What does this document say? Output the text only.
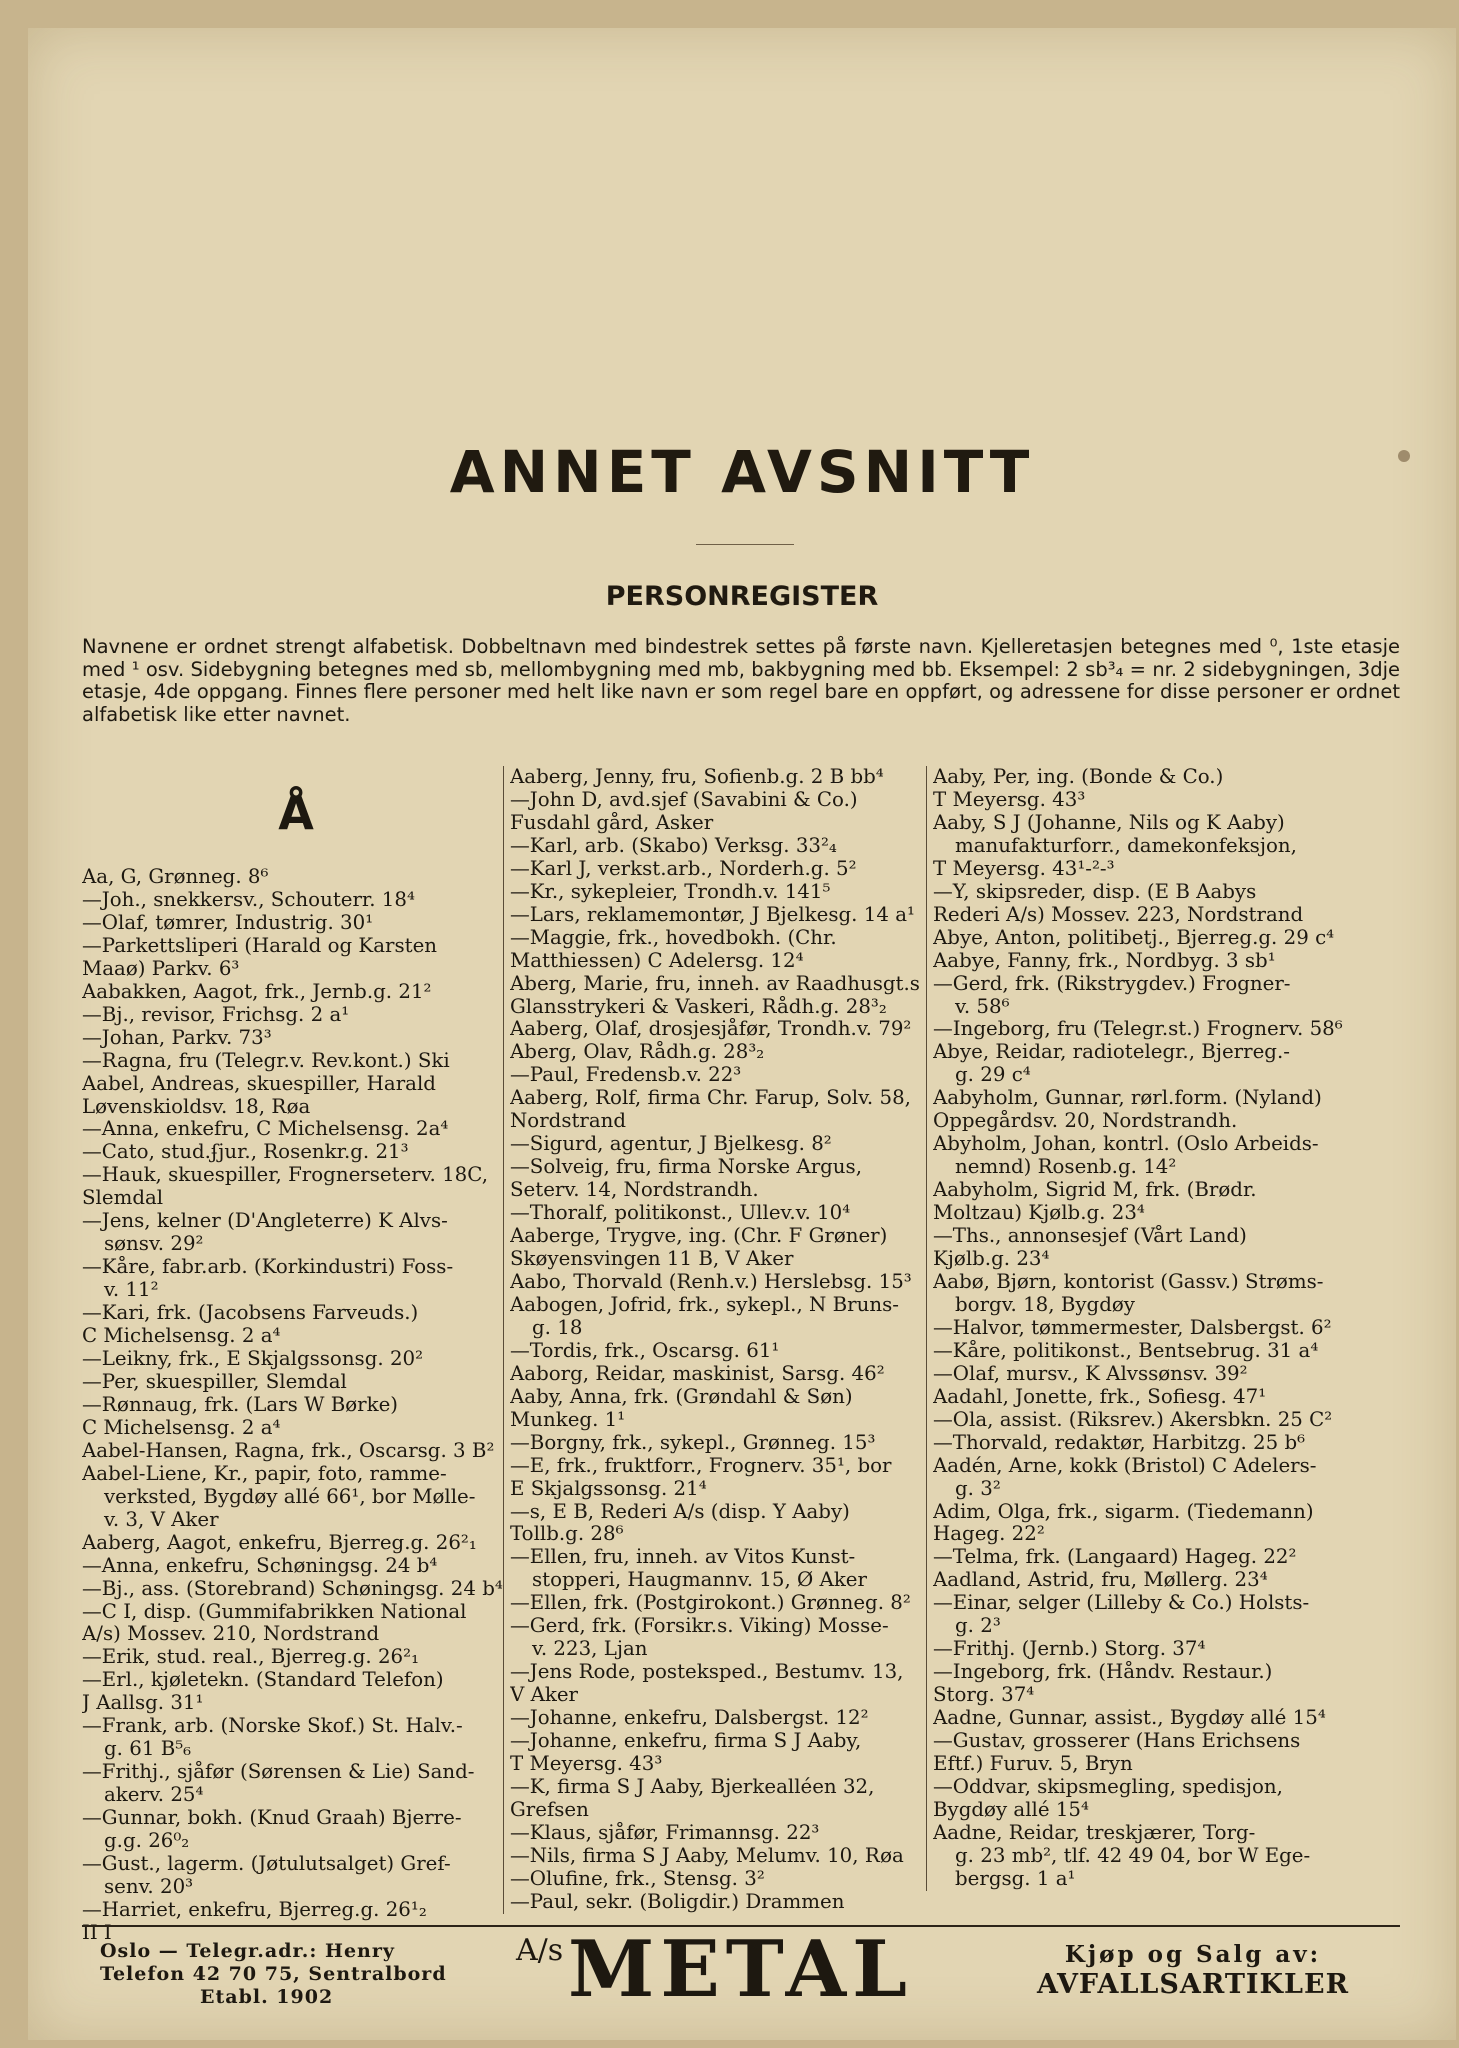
ANNET AVSNITT
PERSONREGISTER
Navnene er ordnet strengt alfabetisk. Dobbeltnavn med bindestrek settes på første navn. Kjelleretasjen betegnes med ⁰, 1ste etasje med ¹ osv. Sidebygning betegnes med sb, mellombygning med mb, bakbygning med bb. Eksempel: 2 sb³₄ = nr. 2 sidebygningen, 3dje etasje, 4de oppgang. Finnes flere personer med helt like navn er som regel bare en oppført, og adressene for disse personer er ordnet alfabetisk like etter navnet.
Å
Aa, G, Grønneg. 8⁶
—Joh., snekkersv., Schouterr. 18⁴
—Olaf, tømrer, Industrig. 30¹
—Parkettsliperi (Harald og Karsten
Maaø) Parkv. 6³
Aabakken, Aagot, frk., Jernb.g. 21²
—Bj., revisor, Frichsg. 2 a¹
—Johan, Parkv. 73³
—Ragna, fru (Telegr.v. Rev.kont.) Ski
Aabel, Andreas, skuespiller, Harald
Løvenskioldsv. 18, Røa
—Anna, enkefru, C Michelsensg. 2a⁴
—Cato, stud.ʄjur., Rosenkr.g. 21³
—Hauk, skuespiller, Frognerseterv. 18C,
Slemdal
—Jens, kelner (D'Angleterre) K Alvs-
sønsv. 29²
—Kåre, fabr.arb. (Korkindustri) Foss-
v. 11²
—Kari, frk. (Jacobsens Farveuds.)
C Michelsensg. 2 a⁴
—Leikny, frk., E Skjalgssonsg. 20²
—Per, skuespiller, Slemdal
—Rønnaug, frk. (Lars W Børke)
C Michelsensg. 2 a⁴
Aabel-Hansen, Ragna, frk., Oscarsg. 3 B²
Aabel-Liene, Kr., papir, foto, ramme-
verksted, Bygdøy allé 66¹, bor Mølle-
v. 3, V Aker
Aaberg, Aagot, enkefru, Bjerreg.g. 26²₁
—Anna, enkefru, Schøningsg. 24 b⁴
—Bj., ass. (Storebrand) Schøningsg. 24 b⁴
—C I, disp. (Gummifabrikken National
A/s) Mossev. 210, Nordstrand
—Erik, stud. real., Bjerreg.g. 26²₁
—Erl., kjøletekn. (Standard Telefon)
J Aallsg. 31¹
—Frank, arb. (Norske Skof.) St. Halv.-
g. 61 B⁵₆
—Frithj., sjåfør (Sørensen & Lie) Sand-
akerv. 25⁴
—Gunnar, bokh. (Knud Graah) Bjerre-
g.g. 26⁰₂
—Gust., lagerm. (Jøtulutsalget) Gref-
senv. 20³
—Harriet, enkefru, Bjerreg.g. 26¹₂
II I
Aaberg, Jenny, fru, Sofienb.g. 2 B bb⁴
—John D, avd.sjef (Savabini & Co.)
Fusdahl gård, Asker
—Karl, arb. (Skabo) Verksg. 33²₄
—Karl J, verkst.arb., Norderh.g. 5²
—Kr., sykepleier, Trondh.v. 141⁵
—Lars, reklamemontør, J Bjelkesg. 14 a¹
—Maggie, frk., hovedbokh. (Chr.
Matthiessen) C Adelersg. 12⁴
Aberg, Marie, fru, inneh. av Raadhusgt.s
Glansstrykeri & Vaskeri, Rådh.g. 28³₂
Aaberg, Olaf, drosjesjåfør, Trondh.v. 79²
Aberg, Olav, Rådh.g. 28³₂
—Paul, Fredensb.v. 22³
Aaberg, Rolf, firma Chr. Farup, Solv. 58,
Nordstrand
—Sigurd, agentur, J Bjelkesg. 8²
—Solveig, fru, firma Norske Argus,
Seterv. 14, Nordstrandh.
—Thoralf, politikonst., Ullev.v. 10⁴
Aaberge, Trygve, ing. (Chr. F Grøner)
Skøyensvingen 11 B, V Aker
Aabo, Thorvald (Renh.v.) Herslebsg. 15³
Aabogen, Jofrid, frk., sykepl., N Bruns-
g. 18
—Tordis, frk., Oscarsg. 61¹
Aaborg, Reidar, maskinist, Sarsg. 46²
Aaby, Anna, frk. (Grøndahl & Søn)
Munkeg. 1¹
—Borgny, frk., sykepl., Grønneg. 15³
—E, frk., fruktforr., Frognerv. 35¹, bor
E Skjalgssonsg. 21⁴
—s, E B, Rederi A/s (disp. Y Aaby)
Tollb.g. 28⁶
—Ellen, fru, inneh. av Vitos Kunst-
stopperi, Haugmannv. 15, Ø Aker
—Ellen, frk. (Postgirokont.) Grønneg. 8²
—Gerd, frk. (Forsikr.s. Viking) Mosse-
v. 223, Ljan
—Jens Rode, posteksped., Bestumv. 13,
V Aker
—Johanne, enkefru, Dalsbergst. 12²
—Johanne, enkefru, firma S J Aaby,
T Meyersg. 43³
—K, firma S J Aaby, Bjerkealléen 32,
Grefsen
—Klaus, sjåfør, Frimannsg. 22³
—Nils, firma S J Aaby, Melumv. 10, Røa
—Olufine, frk., Stensg. 3²
—Paul, sekr. (Boligdir.) Drammen
Aaby, Per, ing. (Bonde & Co.)
T Meyersg. 43³
Aaby, S J (Johanne, Nils og K Aaby)
manufakturforr., damekonfeksjon,
T Meyersg. 43¹-²-³
—Y, skipsreder, disp. (E B Aabys
Rederi A/s) Mossev. 223, Nordstrand
Abye, Anton, politibetj., Bjerreg.g. 29 c⁴
Aabye, Fanny, frk., Nordbyg. 3 sb¹
—Gerd, frk. (Rikstrygdev.) Frogner-
v. 58⁶
—Ingeborg, fru (Telegr.st.) Frognerv. 58⁶
Abye, Reidar, radiotelegr., Bjerreg.-
g. 29 c⁴
Aabyholm, Gunnar, rørl.form. (Nyland)
Oppegårdsv. 20, Nordstrandh.
Abyholm, Johan, kontrl. (Oslo Arbeids-
nemnd) Rosenb.g. 14²
Aabyholm, Sigrid M, frk. (Brødr.
Moltzau) Kjølb.g. 23⁴
—Ths., annonsesjef (Vårt Land)
Kjølb.g. 23⁴
Aabø, Bjørn, kontorist (Gassv.) Strøms-
borgv. 18, Bygdøy
—Halvor, tømmermester, Dalsbergst. 6²
—Kåre, politikonst., Bentsebrug. 31 a⁴
—Olaf, mursv., K Alvssønsv. 39²
Aadahl, Jonette, frk., Sofiesg. 47¹
—Ola, assist. (Riksrev.) Akersbkn. 25 C²
—Thorvald, redaktør, Harbitzg. 25 b⁶
Aadén, Arne, kokk (Bristol) C Adelers-
g. 3²
Adim, Olga, frk., sigarm. (Tiedemann)
Hageg. 22²
—Telma, frk. (Langaard) Hageg. 22²
Aadland, Astrid, fru, Møllerg. 23⁴
—Einar, selger (Lilleby & Co.) Holsts-
g. 2³
—Frithj. (Jernb.) Storg. 37⁴
—Ingeborg, frk. (Håndv. Restaur.)
Storg. 37⁴
Aadne, Gunnar, assist., Bygdøy allé 15⁴
—Gustav, grosserer (Hans Erichsens
Eftf.) Furuv. 5, Bryn
—Oddvar, skipsmegling, spedisjon,
Bygdøy allé 15⁴
Aadne, Reidar, treskjærer, Torg-
g. 23 mb², tlf. 42 49 04, bor W Ege-
bergsg. 1 a¹
Oslo — Telegr.adr.: Henry
Telefon 42 70 75, Sentralbord
Etabl. 1902
A/s METAL	Kjøp og Salg av:
AVFALLSARTIKLER
